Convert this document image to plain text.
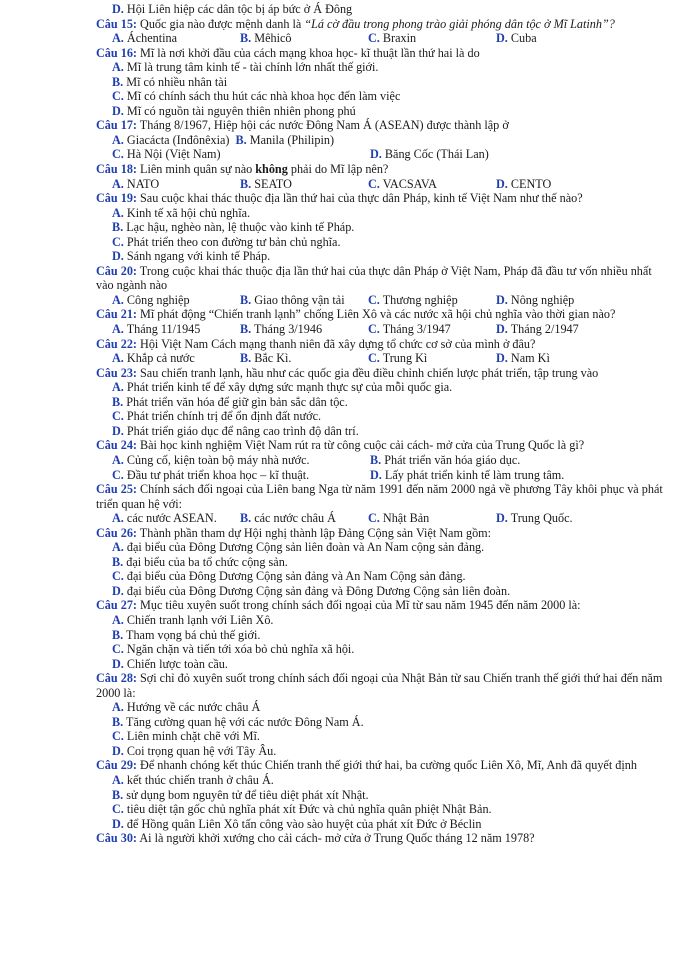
D. Hội Liên hiệp các dân tộc bị áp bức ở Á Đông
Câu 15: Quốc gia nào được mệnh danh là “Lá cờ đầu trong phong trào giải phóng dân tộc ở Mĩ Latinh”?
A. Áchentina	B. Mêhicô	C. Braxin	D. Cuba
Câu 16: Mĩ là nơi khởi đầu của cách mạng khoa học- kĩ thuật lần thứ hai là do
A. Mĩ là trung tâm kinh tế - tài chính lớn nhất thế giới.
B. Mĩ có nhiều nhân tài
C. Mĩ có chính sách thu hút các nhà khoa học đến làm việc
D. Mĩ có nguồn tài nguyên thiên nhiên phong phú
Câu 17: Tháng 8/1967, Hiệp hội các nước Đông Nam Á (ASEAN) được thành lập ở
A. Giacácta (Inđônêxia) B. Manila (Philipin)
C. Hà Nội (Việt Nam)	D. Băng Cốc (Thái Lan)
Câu 18: Liên minh quân sự nào không phải do Mĩ lập nên?
A. NATO	B. SEATO	C. VACSAVA	D. CENTO
Câu 19: Sau cuộc khai thác thuộc địa lần thứ hai của thực dân Pháp, kinh tế Việt Nam như thế nào?
A. Kinh tế xã hội chủ nghĩa.
B. Lạc hậu, nghèo nàn, lệ thuộc vào kinh tế Pháp.
C. Phát triển theo con đường tư bản chủ nghĩa.
D. Sánh ngang với kinh tế Pháp.
Câu 20: Trong cuộc khai thác thuộc địa lần thứ hai của thực dân Pháp ở Việt Nam, Pháp đã đầu tư vốn nhiều nhất vào ngành nào
A. Công nghiệp	B. Giao thông vận tải	C. Thương nghiệp	D. Nông nghiệp
Câu 21: Mĩ phát động “Chiến tranh lạnh” chống Liên Xô và các nước xã hội chủ nghĩa vào thời gian nào?
A. Tháng 11/1945	B. Tháng 3/1946	C. Tháng 3/1947	D. Tháng 2/1947
Câu 22: Hội Việt Nam Cách mạng thanh niên đã xây dựng tổ chức cơ sở của mình ở đâu?
A. Khắp cả nước	B. Bắc Kì.	C. Trung Kì	D. Nam Kì
Câu 23: Sau chiến tranh lạnh, hầu như các quốc gia đều điều chỉnh chiến lược phát triển, tập trung vào
A. Phát triển kinh tế để xây dựng sức mạnh thực sự của mỗi quốc gia.
B. Phát triển văn hóa để giữ gìn bản sắc dân tộc.
C. Phát triển chính trị để ổn định đất nước.
D. Phát triển giáo dục để nâng cao trình độ dân trí.
Câu 24: Bài học kinh nghiệm Việt Nam rút ra từ công cuộc cải cách- mở cửa của Trung Quốc là gì?
A. Củng cố, kiện toàn bộ máy nhà nước.	B. Phát triển văn hóa giáo dục.
C. Đầu tư phát triển khoa học – kĩ thuật.	D. Lấy phát triển kinh tế làm trung tâm.
Câu 25: Chính sách đối ngoại của Liên bang Nga từ năm 1991 đến năm 2000 ngả về phương Tây khôi phục và phát triển quan hệ với:
A. các nước ASEAN.	B. các nước châu Á	C. Nhật Bản	D. Trung Quốc.
Câu 26: Thành phần tham dự Hội nghị thành lập Đảng Cộng sản Việt Nam gồm:
A. đại biểu của Đông Dương Cộng sản liên đoàn và An Nam cộng sản đảng.
B. đại biểu của ba tổ chức cộng sản.
C. đại biểu của Đông Dương Cộng sản đảng và An Nam Cộng sản đảng.
D. đại biểu của Đông Dương Cộng sản đảng và Đông Dương Cộng sản liên đoàn.
Câu 27: Mục tiêu xuyên suốt trong chính sách đối ngoại của Mĩ từ sau năm 1945 đến năm 2000 là:
A. Chiến tranh lạnh với Liên Xô.
B. Tham vọng bá chủ thế giới.
C. Ngăn chặn và tiến tới xóa bỏ chủ nghĩa xã hội.
D. Chiến lược toàn cầu.
Câu 28: Sợi chỉ đỏ xuyên suốt trong chính sách đối ngoại của Nhật Bản từ sau Chiến tranh thế giới thứ hai đến năm 2000 là:
A. Hướng về các nước châu Á
B. Tăng cường quan hệ với các nước Đông Nam Á.
C. Liên minh chặt chẽ với Mĩ.
D. Coi trọng quan hệ với Tây Âu.
Câu 29: Để nhanh chóng kết thúc Chiến tranh thế giới thứ hai, ba cường quốc Liên Xô, Mĩ, Anh đã quyết định
A. kết thúc chiến tranh ở châu Á.
B. sử dụng bom nguyên tử để tiêu diệt phát xít Nhật.
C. tiêu diệt tận gốc chủ nghĩa phát xít Đức và chủ nghĩa quân phiệt Nhật Bản.
D. để Hồng quân Liên Xô tấn công vào sào huyệt của phát xít Đức ở Béclin
Câu 30: Ai là người khởi xướng cho cải cách- mở cửa ở Trung Quốc tháng 12 năm 1978?
